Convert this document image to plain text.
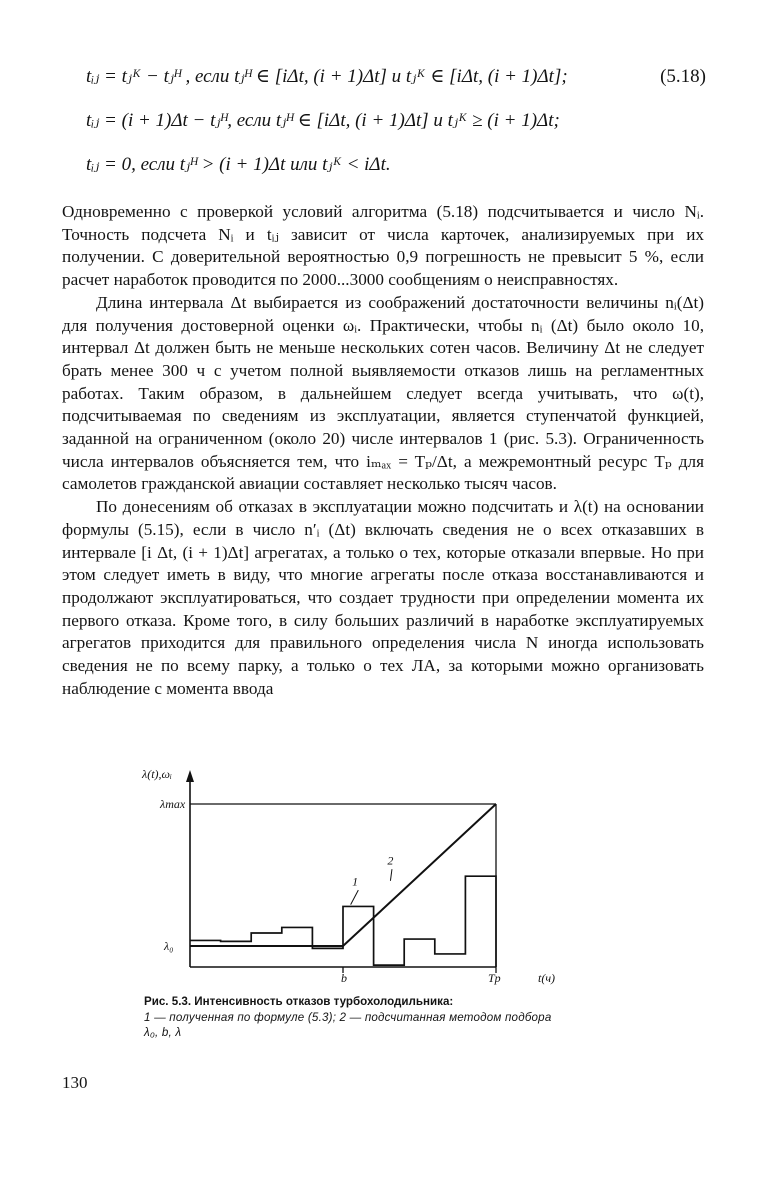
tᵢⱼ = tⱼᴷ − tⱼᴴ , если tⱼᴴ ∈ [iΔt, (i + 1)Δt] и tⱼᴷ ∈ [iΔt, (i + 1)Δt];	(5.18)
tᵢⱼ = (i + 1)Δt − tⱼᴴ, если tⱼᴴ ∈ [iΔt, (i + 1)Δt] и tⱼᴷ ≥ (i + 1)Δt;
tᵢⱼ = 0, если tⱼᴴ > (i + 1)Δt или tⱼᴷ < iΔt.

Одновременно с проверкой условий алгоритма (5.18) подсчитывается и число Nᵢ. Точность подсчета Nᵢ и tᵢⱼ зависит от числа карточек, анализируемых при их получении. С доверительной вероятностью 0,9 погрешность не превысит 5 %, если расчет наработок проводится по 2000...3000 сообщениям о неисправностях.

Длина интервала Δt выбирается из соображений достаточности величины nᵢ(Δt) для получения достоверной оценки ωᵢ. Практически, чтобы nᵢ (Δt) было около 10, интервал Δt должен быть не меньше нескольких сотен часов. Величину Δt не следует брать менее 300 ч с учетом полной выявляемости отказов лишь на регламентных работах. Таким образом, в дальнейшем следует всегда учитывать, что ω(t), подсчитываемая по сведениям из эксплуатации, является ступенчатой функцией, заданной на ограниченном (около 20) числе интервалов 1 (рис. 5.3). Ограниченность числа интервалов объясняется тем, что iₘₐₓ = Tₚ/Δt, а межремонтный ресурс Tₚ для самолетов гражданской авиации составляет несколько тысяч часов.

По донесениям об отказах в эксплуатации можно подсчитать и λ(t) на основании формулы (5.15), если в число n′ᵢ (Δt) включать сведения не о всех отказавших в интервале [i Δt, (i + 1)Δt] агрегатах, а только о тех, которые отказали впервые. Но при этом следует иметь в виду, что многие агрегаты после отказа восстанавливаются и продолжают эксплуатироваться, что создает трудности при определении момента их первого отказа. Кроме того, в силу больших различий в наработке эксплуатируемых агрегатов приходится для правильного определения числа N иногда использовать сведения не по всему парку, а только о тех ЛА, за которыми можно организовать наблюдение с момента ввода

λ(t),ωᵢ
λmax
λ₀
b	Tp	t(ч)
1
2
Рис. 5.3. Интенсивность отказов турбохолодильника:
1 — полученная по формуле (5.3); 2 — подсчитанная методом подбора
λ₀, b, λ
130
